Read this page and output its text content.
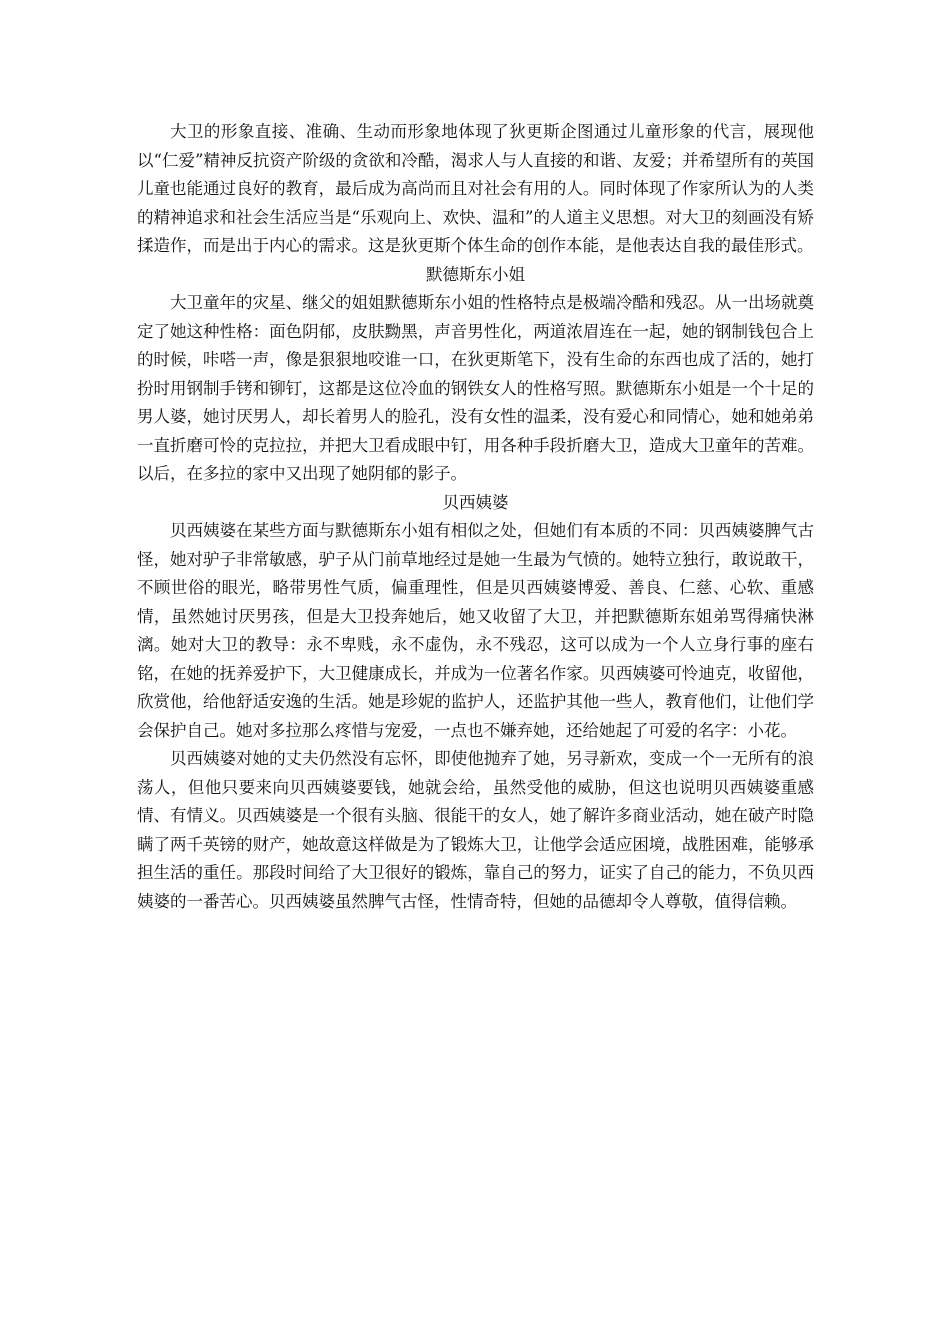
大卫的形象直接、准确、生动而形象地体现了狄更斯企图通过儿童形象的代言，展现他以“仁爱”精神反抗资产阶级的贪欲和冷酷，渴求人与人直接的和谐、友爱；并希望所有的英国儿童也能通过良好的教育，最后成为高尚而且对社会有用的人。同时体现了作家所认为的人类的精神追求和社会生活应当是“乐观向上、欢快、温和”的人道主义思想。对大卫的刻画没有矫揉造作，而是出于内心的需求。这是狄更斯个体生命的创作本能，是他表达自我的最佳形式。

默德斯东小姐

大卫童年的灾星、继父的姐姐默德斯东小姐的性格特点是极端冷酷和残忍。从一出场就奠定了她这种性格：面色阴郁，皮肤黝黑，声音男性化，两道浓眉连在一起，她的钢制钱包合上的时候，咔嗒一声，像是狠狠地咬谁一口，在狄更斯笔下，没有生命的东西也成了活的，她打扮时用钢制手铐和铆钉，这都是这位冷血的钢铁女人的性格写照。默德斯东小姐是一个十足的男人婆，她讨厌男人，却长着男人的脸孔，没有女性的温柔，没有爱心和同情心，她和她弟弟一直折磨可怜的克拉拉，并把大卫看成眼中钉，用各种手段折磨大卫，造成大卫童年的苦难。以后，在多拉的家中又出现了她阴郁的影子。

贝西姨婆

贝西姨婆在某些方面与默德斯东小姐有相似之处，但她们有本质的不同：贝西姨婆脾气古怪，她对驴子非常敏感，驴子从门前草地经过是她一生最为气愤的。她特立独行，敢说敢干，不顾世俗的眼光，略带男性气质，偏重理性，但是贝西姨婆博爱、善良、仁慈、心软、重感情，虽然她讨厌男孩，但是大卫投奔她后，她又收留了大卫，并把默德斯东姐弟骂得痛快淋漓。她对大卫的教导：永不卑贱，永不虚伪，永不残忍，这可以成为一个人立身行事的座右铭，在她的抚养爱护下，大卫健康成长，并成为一位著名作家。贝西姨婆可怜迪克，收留他，欣赏他，给他舒适安逸的生活。她是珍妮的监护人，还监护其他一些人，教育他们，让他们学会保护自己。她对多拉那么疼惜与宠爱，一点也不嫌弃她，还给她起了可爱的名字：小花。

贝西姨婆对她的丈夫仍然没有忘怀，即使他抛弃了她，另寻新欢，变成一个一无所有的浪荡人，但他只要来向贝西姨婆要钱，她就会给，虽然受他的威胁，但这也说明贝西姨婆重感情、有情义。贝西姨婆是一个很有头脑、很能干的女人，她了解许多商业活动，她在破产时隐瞒了两千英镑的财产，她故意这样做是为了锻炼大卫，让他学会适应困境，战胜困难，能够承担生活的重任。那段时间给了大卫很好的锻炼，靠自己的努力，证实了自己的能力，不负贝西姨婆的一番苦心。贝西姨婆虽然脾气古怪，性情奇特，但她的品德却令人尊敬，值得信赖。
